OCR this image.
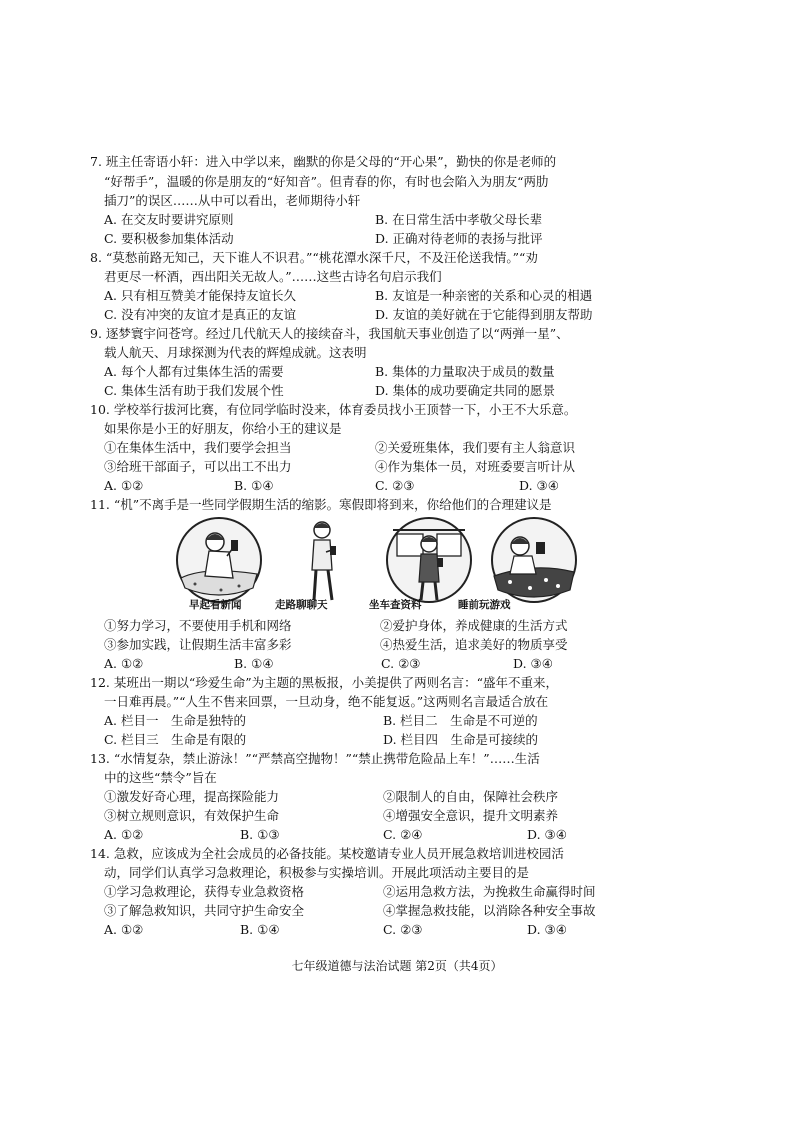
7. 班主任寄语小轩：进入中学以来，幽默的你是父母的“开心果”，勤快的你是老师的
“好帮手”，温暖的你是朋友的“好知音”。但青春的你，有时也会陷入为朋友“两肋
插刀”的误区……从中可以看出，老师期待小轩
A. 在交友时要讲究原则	B. 在日常生活中孝敬父母长辈
C. 要积极参加集体活动	D. 正确对待老师的表扬与批评
8. “莫愁前路无知己，天下谁人不识君。”“桃花潭水深千尺，不及汪伦送我情。”“劝
君更尽一杯酒，西出阳关无故人。”……这些古诗名句启示我们
A. 只有相互赞美才能保持友谊长久	B. 友谊是一种亲密的关系和心灵的相遇
C. 没有冲突的友谊才是真正的友谊	D. 友谊的美好就在于它能得到朋友帮助
9. 逐梦寰宇问苍穹。经过几代航天人的接续奋斗，我国航天事业创造了以“两弹一星”、
载人航天、月球探测为代表的辉煌成就。这表明
A. 每个人都有过集体生活的需要	B. 集体的力量取决于成员的数量
C. 集体生活有助于我们发展个性	D. 集体的成功要确定共同的愿景
10. 学校举行拔河比赛，有位同学临时没来，体育委员找小王顶替一下，小王不大乐意。
如果你是小王的好朋友，你给小王的建议是
①在集体生活中，我们要学会担当	②关爱班集体，我们要有主人翁意识
③给班干部面子，可以出工不出力	④作为集体一员，对班委要言听计从
A. ①②	B. ①④	C. ②③	D. ③④
11. “机”不离手是一些同学假期生活的缩影。寒假即将到来，你给他们的合理建议是
早起看新闻	走路聊聊天	坐车查资料	睡前玩游戏
①努力学习，不要使用手机和网络	②爱护身体，养成健康的生活方式
③参加实践，让假期生活丰富多彩	④热爱生活，追求美好的物质享受
A. ①②	B. ①④	C. ②③	D. ③④
12. 某班出一期以“珍爱生命”为主题的黑板报，小美提供了两则名言：“盛年不重来，
一日难再晨。”“人生不售来回票，一旦动身，绝不能复返。”这两则名言最适合放在
A. 栏目一　生命是独特的	B. 栏目二　生命是不可逆的
C. 栏目三　生命是有限的	D. 栏目四　生命是可接续的
13. “水情复杂，禁止游泳！”“严禁高空抛物！”“禁止携带危险品上车！”……生活
中的这些“禁令”旨在
①激发好奇心理，提高探险能力	②限制人的自由，保障社会秩序
③树立规则意识，有效保护生命	④增强安全意识，提升文明素养
A. ①②	B. ①③	C. ②④	D. ③④
14. 急救，应该成为全社会成员的必备技能。某校邀请专业人员开展急救培训进校园活
动，同学们认真学习急救理论，积极参与实操培训。开展此项活动主要目的是
①学习急救理论，获得专业急救资格	②运用急救方法，为挽救生命赢得时间
③了解急救知识，共同守护生命安全	④掌握急救技能，以消除各种安全事故
A. ①②	B. ①④	C. ②③	D. ③④
七年级道德与法治试题 第2页（共4页）
